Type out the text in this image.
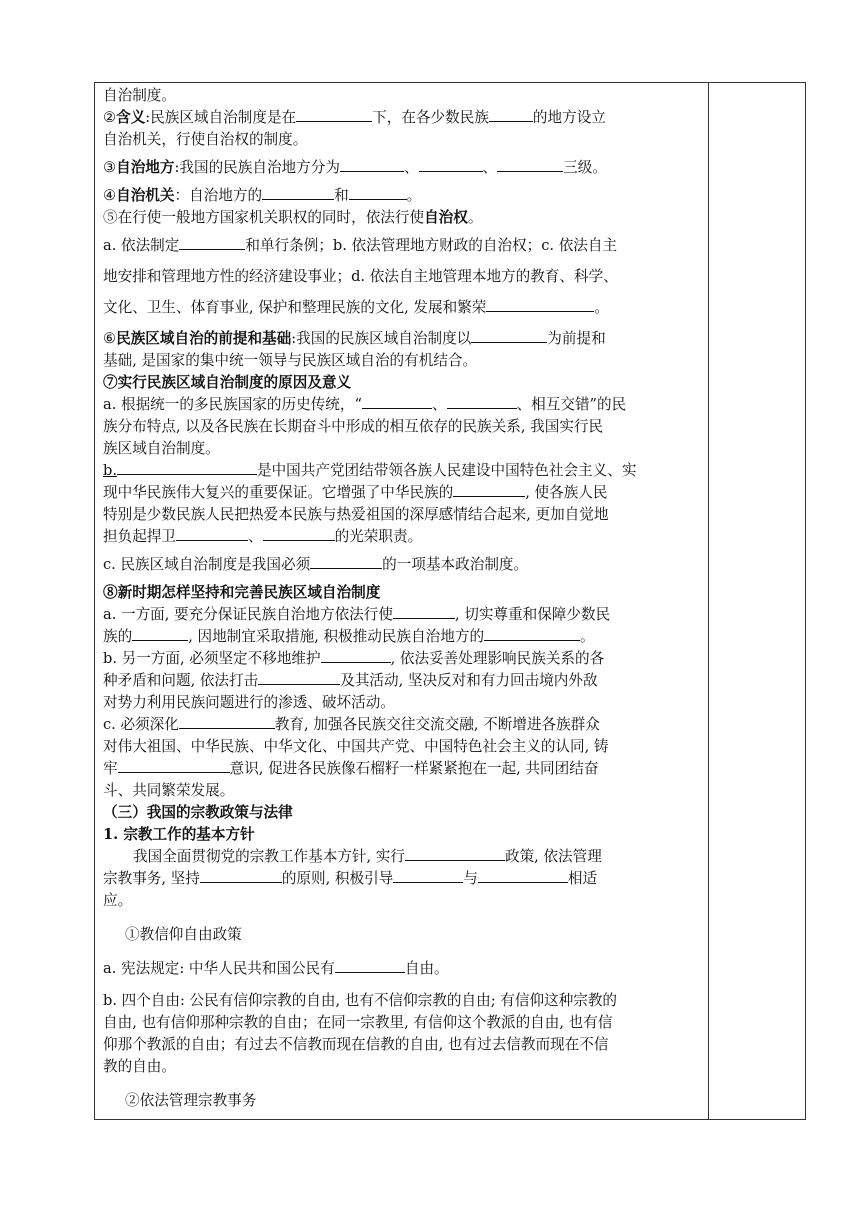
自治制度。

②含义:民族区域自治制度是在	下，在各少数民族	的地方设立

自治机关，行使自治权的制度。

③自治地方:我国的民族自治地方分为	、	、	三级。

④自治机关：自治地方的	和	。

⑤在行使一般地方国家机关职权的同时，依法行使自治权。

a. 依法制定	和单行条例；b. 依法管理地方财政的自治权；c. 依法自主

地安排和管理地方性的经济建设事业；d. 依法自主地管理本地方的教育、科学、

文化、卫生、体育事业, 保护和整理民族的文化, 发展和繁荣	。

⑥民族区域自治的前提和基础:我国的民族区域自治制度以	为前提和

基础, 是国家的集中统一领导与民族区域自治的有机结合。

⑦实行民族区域自治制度的原因及意义

a. 根据统一的多民族国家的历史传统，“	、	、相互交错”的民

族分布特点, 以及各民族在长期奋斗中形成的相互依存的民族关系, 我国实行民

族区域自治制度。

b.	是中国共产党团结带领各族人民建设中国特色社会主义、实

现中华民族伟大复兴的重要保证。它增强了中华民族的	, 使各族人民

特别是少数民族人民把热爱本民族与热爱祖国的深厚感情结合起来, 更加自觉地

担负起捍卫	、	的光荣职责。

c. 民族区域自治制度是我国必须	的一项基本政治制度。

⑧新时期怎样坚持和完善民族区域自治制度

a. 一方面, 要充分保证民族自治地方依法行使	, 切实尊重和保障少数民

族的	, 因地制宜采取措施, 积极推动民族自治地方的	。

b. 另一方面, 必须坚定不移地维护	, 依法妥善处理影响民族关系的各

种矛盾和问题, 依法打击	及其活动, 坚决反对和有力回击境内外敌

对势力利用民族问题进行的渗透、破坏活动。

c. 必须深化	教育, 加强各民族交往交流交融, 不断增进各族群众

对伟大祖国、中华民族、中华文化、中国共产党、中国特色社会主义的认同, 铸

牢	意识, 促进各民族像石榴籽一样紧紧抱在一起, 共同团结奋

斗、共同繁荣发展。

（三）我国的宗教政策与法律

1. 宗教工作的基本方针

我国全面贯彻党的宗教工作基本方针, 实行	政策, 依法管理

宗教事务, 坚持	的原则, 积极引导	与	相适

应。

①教信仰自由政策

a. 宪法规定: 中华人民共和国公民有	自由。

b. 四个自由: 公民有信仰宗教的自由, 也有不信仰宗教的自由; 有信仰这种宗教的

自由, 也有信仰那种宗教的自由；在同一宗教里, 有信仰这个教派的自由, 也有信

仰那个教派的自由；有过去不信教而现在信教的自由, 也有过去信教而现在不信

教的自由。

②依法管理宗教事务
